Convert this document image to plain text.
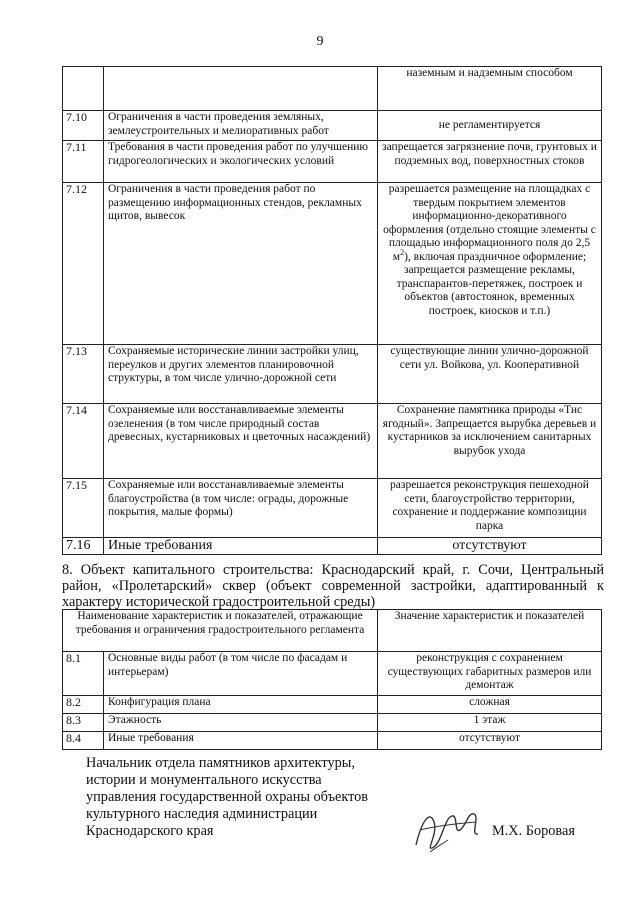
9
		наземным и надземным способом
7.10	Ограничения в части проведения земляных, землеустроительных и мелиоративных работ	не регламентируется
7.11	Требования в части проведения работ по улучшению гидрогеологических и экологических условий	запрещается загрязнение почв, грунтовых и подземных вод, поверхностных стоков
7.12	Ограничения в части проведения работ по размещению информационных стендов, рекламных щитов, вывесок	разрешается размещение на площадках с твердым покрытием элементов информационно-декоративного оформления (отдельно стоящие элементы с площадью информационного поля до 2,5 $м^2$), включая праздничное оформление; запрещается размещение рекламы, транспарантов-перетяжек, построек и объектов (автостоянок, временных построек, киосков и т.п.)
7.13	Сохраняемые исторические линии застройки улиц, переулков и других элементов планировочной структуры, в том числе улично-дорожной сети	существующие линии улично-дорожной сети ул. Войкова, ул. Кооперативной
7.14	Сохраняемые или восстанавливаемые элементы озеленения (в том числе природный состав древесных, кустарниковых и цветочных насаждений)	Сохранение памятника природы «Тис ягодный». Запрещается вырубка деревьев и кустарников за исключением санитарных вырубок ухода
7.15	Сохраняемые или восстанавливаемые элементы благоустройства (в том числе: ограды, дорожные покрытия, малые формы)	разрешается реконструкция пешеходной сети, благоустройство территории, сохранение и поддержание композиции парка
7.16	Иные требования	отсутствуют
8. Объект капитального строительства: Краснодарский край, г. Сочи, Центральный район, «Пролетарский» сквер (объект современной застройки, адаптированный к характеру исторической градостроительной среды)
Наименование характеристик и показателей, отражающие требования и ограничения градостроительного регламента		Значение характеристик и показателей
8.1	Основные виды работ (в том числе по фасадам и интерьерам)	реконструкция с сохранением существующих габаритных размеров или демонтаж
8.2	Конфигурация плана	сложная
8.3	Этажность	1 этаж
8.4	Иные требования	отсутствуют
Начальник отдела памятников архитектуры, истории и монументального искусства управления государственной охраны объектов культурного наследия администрации Краснодарского края	М.Х. Боровая
